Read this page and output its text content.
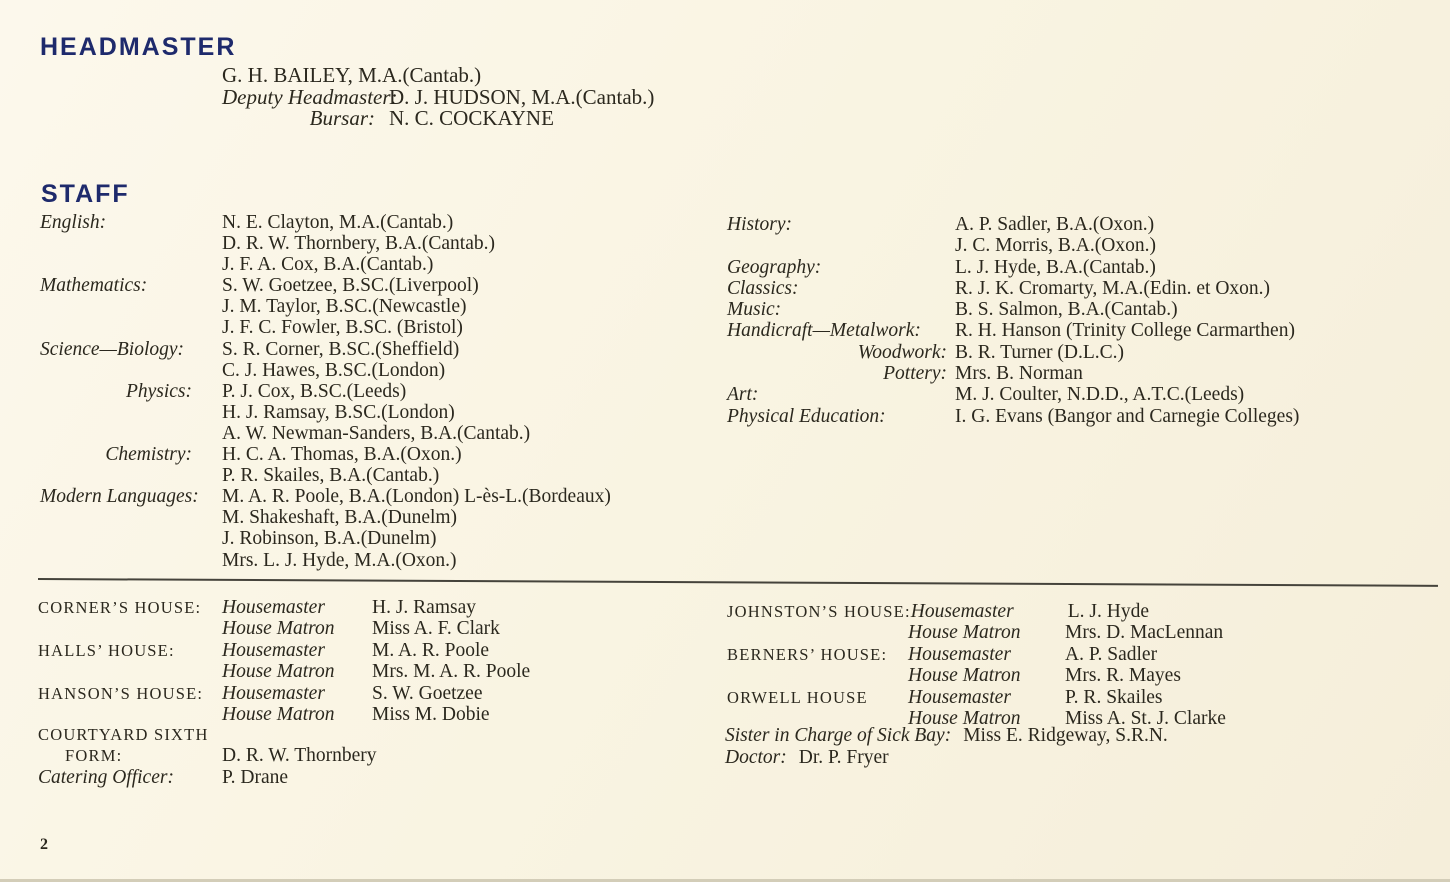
HEADMASTER
G. H. BAILEY, M.A.(Cantab.)
Deputy Headmaster:D. J. HUDSON, M.A.(Cantab.)
Bursar: N. C. COCKAYNE
STAFF
English:	N. E. Clayton, M.A.(Cantab.)
D. R. W. Thornbery, B.A.(Cantab.)
J. F. A. Cox, B.A.(Cantab.)
Mathematics:	S. W. Goetzee, B.SC.(Liverpool)
J. M. Taylor, B.SC.(Newcastle)
J. F. C. Fowler, B.SC. (Bristol)
Science—Biology:	S. R. Corner, B.SC.(Sheffield)
C. J. Hawes, B.SC.(London)
Physics:	P. J. Cox, B.SC.(Leeds)
H. J. Ramsay, B.SC.(London)
A. W. Newman-Sanders, B.A.(Cantab.)
Chemistry:	H. C. A. Thomas, B.A.(Oxon.)
P. R. Skailes, B.A.(Cantab.)
Modern Languages:	M. A. R. Poole, B.A.(London) L-ès-L.(Bordeaux)
M. Shakeshaft, B.A.(Dunelm)
J. Robinson, B.A.(Dunelm)
Mrs. L. J. Hyde, M.A.(Oxon.)
History:	A. P. Sadler, B.A.(Oxon.)
J. C. Morris, B.A.(Oxon.)
Geography:	L. J. Hyde, B.A.(Cantab.)
Classics:	R. J. K. Cromarty, M.A.(Edin. et Oxon.)
Music:	B. S. Salmon, B.A.(Cantab.)
Handicraft—Metalwork:	R. H. Hanson (Trinity College Carmarthen)
Woodwork: B. R. Turner (D.L.C.)
Pottery: Mrs. B. Norman
Art:	M. J. Coulter, N.D.D., A.T.C.(Leeds)
Physical Education:	I. G. Evans (Bangor and Carnegie Colleges)
CORNER’S HOUSE:	Housemaster	H. J. Ramsay
House Matron	Miss A. F. Clark
HALLS’ HOUSE:	Housemaster	M. A. R. Poole
House Matron	Mrs. M. A. R. Poole
HANSON’S HOUSE: Housemaster	S. W. Goetzee
House Matron	Miss M. Dobie
JOHNSTON’S HOUSE: Housemaster	L. J. Hyde
House Matron	Mrs. D. MacLennan
BERNERS’ HOUSE:	Housemaster	A. P. Sadler
House Matron	Mrs. R. Mayes
ORWELL HOUSE	Housemaster	P. R. Skailes
House Matron	Miss A. St. J. Clarke
COURTYARD SIXTH
FORM:	D. R. W. Thornbery
Catering Officer:	P. Drane
Sister in Charge of Sick Bay: Miss E. Ridgeway, S.R.N.
Doctor: Dr. P. Fryer
2
